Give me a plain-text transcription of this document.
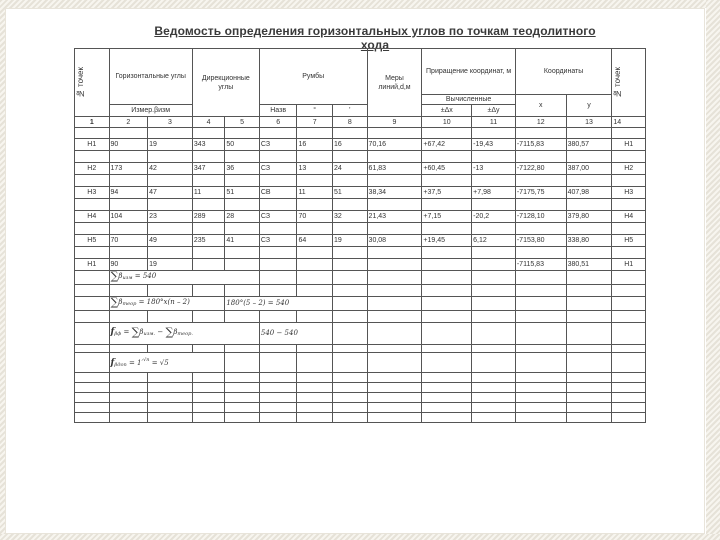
Ведомость определения горизонтальных углов по точкам теодолитного хода
№ точек	Горизонтальные углы		Дирекционные углы		Румбы			Меры линий,d,м	Приращение координат, м		Координаты		№ точек

									Вычисленные		x	y	
	Измер.βизм				Назв	°	'		±Δx	±Δy			
1	2	3	4	5	6	7	8	9	10	11	12	13	14

Н1	90	19	343	50	СЗ	16	16	70,16	+67,42	-19,43	-7115,83	380,57	Н1

Н2	173	42	347	36	СЗ	13	24	61,83	+60,45	-13	-7122,80	387,00	Н2

Н3	94	47	11	51	СВ	11	51	38,34	+37,5	+7,98	-7175,75	407,98	Н3

Н4	104	23	289	28	СЗ	70	32	21,43	+7,15	-20,2	-7128,10	379,80	Н4

Н5	70	49	235	41	СЗ	64	19	30,08	+19,45	6,12	-7153,80	338,80	Н5

Н1	90	19									-7115,83	380,51	Н1
	$\sum\beta_{изм} = 540$												

	$\sum\beta_{теор} = 180^\circ x(n - 2)$			180°(5 – 2) = 540									

	$f_{\beta ф} = \sum\beta_{изм.} - \sum\beta_{теор.}$				540 − 540								

	$f_{\beta доп} = 1'^{√n} = √5$												
